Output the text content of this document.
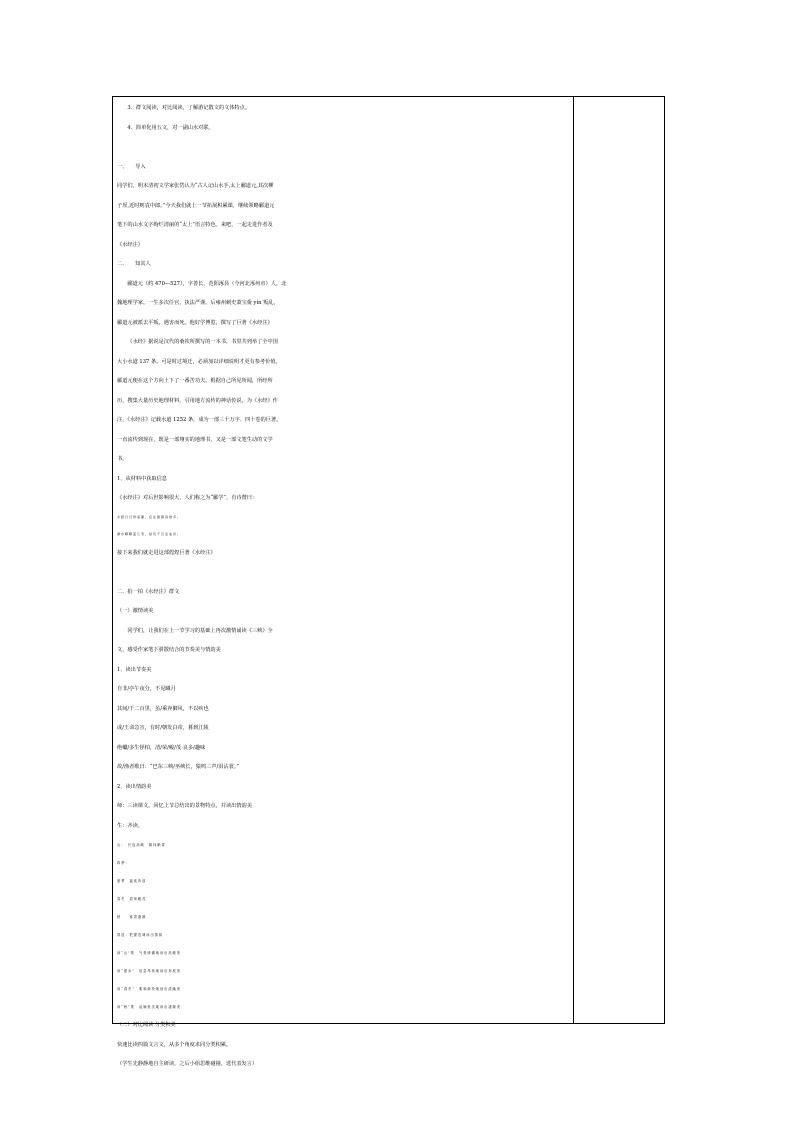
3、群文阅读，对比阅读，了解游记散文的文体特点。

4、简单化用五文，对一副山水对联。

一、　　导入

同学们，明末清初文学家张岱认为“古人记山水手,太上郦道元,其次柳

子厚,近时则袁中郎。”今天我们就上一节拓展积累课，继续领略郦道元

笔下的山水文字绚烂清丽的“太上”语言特色。来吧，一起走进作者及

《水经注》

二、　　知其人

郦道元（约 470—527），字善长，范阳涿县（今河北涿州市）人。北

魏地理学家。一生多次任官，执法严谨。后雍州刺史萧宝夤 yín 叛乱，

郦道元被派去平叛，遇害而死。他好学博览，撰写了巨著《水经注》

《水经》据说是汉代的桑钦所撰写的一本书，书里共列举了全中国

大小水道 137 条。可是时过境迁，必须加以详细说明才更有参考价值。

郦道元便在这个方向上下了一番苦功夫。根据自己所见所闻，所经所

历，搜集大量历史地理材料，引用地方流传的神话传说，为《水经》作

注，《水经注》记载水道 1252 条，成为一部三十万字、四十卷的巨著。

一直流传到现在，既是一部翔实的地理书，又是一部文笔生动的文学

书。

1、从材料中获取信息

《水经注》对后世影响很大，人们称之为“郦学”。有诗赞曰：

水经行行珍衮墨，后注篇篇具细多。

满水聊聊蓝几笔，琼玑千百活成河。

接下来我们就走进这部煌煌巨著《水经注》

二、拍一拍《水经注》群文

（一）激情读美

同学们，让我们在上一节学习的基础上再次激情诵读《三峡》全

文，感受作家笔下骈散结合的节奏美与情韵美

1、读出节奏美

自非/亭午夜分，不见曦月

其间/千二百里，虽/乘奔御风，不以疾也

或/王命急宣，有时/朝发白帝，暮到江陵

绝巘/多生怪柏，清/荣/峻/茂 良多/趣味

故/渔者歌曰：“巴东三峡/巫峡长，猿鸣三声/泪沾裳。”

2、读出情韵美

师：三读课文，回忆上节总结出的景物特点，并读出情韵美

生：齐读。

山：　长连高峡　雄伟峭拔

四季：

夏季　猛疾奔放

春冬　清荣峻茂

秋　　寒肃凄婉

屏显：把握语调读出情韵

读“山”景　气势磅礴地读出高峻美

读“夏水”　迅急昂扬地读出奔放美

读“春冬”　柔和渐快地读出清幽美

读“秋”景　哀婉低沉地读出凄婉美

（二）对比阅读 分类积美

快速比读四篇文言文，从多个角度求同分类积累。

（学生先静静地自主研读，之后小组思维碰撞，选代表发言）
